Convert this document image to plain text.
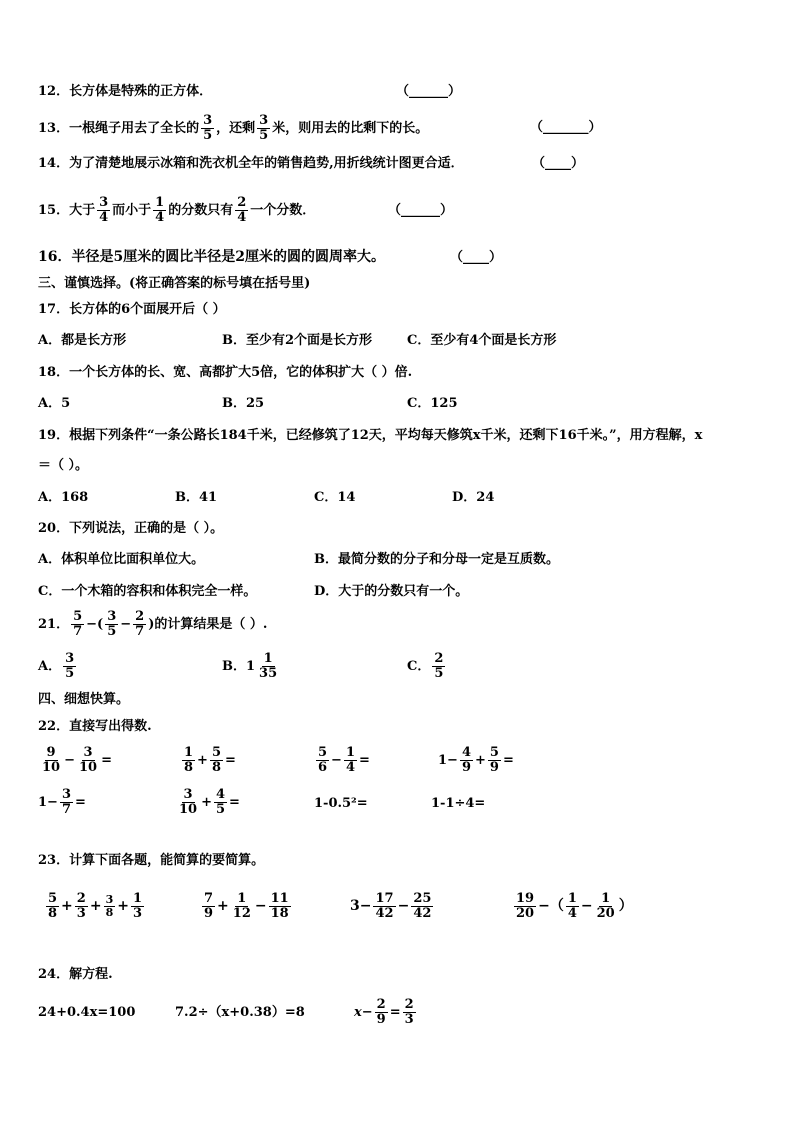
12．长方体是特殊的正方体．	（______）
13．一根绳子用去了全长的 $\frac{3}{5}$ ，还剩 $\frac{3}{5}$ 米，则用去的比剩下的长。	（_______）
14．为了清楚地展示冰箱和洗衣机全年的销售趋势,用折线统计图更合适．	（____）
15．大于 $\frac{3}{4}$ 而小于 $\frac{1}{4}$ 的分数只有 $\frac{2}{4}$ 一个分数．	（______）
16．半径是5厘米的圆比半径是2厘米的圆的圆周率大。	（____）
三、谨慎选择。(将正确答案的标号填在括号里)
17．长方体的6个面展开后（ ）
A．都是长方形	B．至少有2个面是长方形	C．至少有4个面是长方形
18．一个长方体的长、宽、高都扩大5倍，它的体积扩大（ ）倍.
A．5	B．25	C．125
19．根据下列条件“一条公路长184千米，已经修筑了12天，平均每天修筑x千米，还剩下16千米。”，用方程解，x
＝（ ）。
A．168	B．41	C．14	D．24
20．下列说法，正确的是（ ）。
A．体积单位比面积单位大。	B．最简分数的分子和分母一定是互质数。
C．一个木箱的容积和体积完全一样。	D．大于的分数只有一个。
21． $\frac{5}{7}$ −( $\frac{3}{5} - \frac{2}{7}$ )的计算结果是（ ）.
A． $\frac{3}{5}$	B．$1 \frac{1}{35}$	C． $\frac{2}{5}$
四、细想快算。
22．直接写出得数.
$\frac{9}{10} - \frac{3}{10}$ =	$\frac{1}{8} + \frac{5}{8}$ =	$\frac{5}{6} - \frac{1}{4}$ =	$1- \frac{4}{9} + \frac{5}{9}$ =
$1- \frac{3}{7}$ =	$\frac{3}{10} + \frac{4}{5}$ =	1-0.5²=	1-1÷4=
23．计算下面各题，能简算的要简算。
$\frac{5}{8} + \frac{2}{3} + \frac{3}{8} + \frac{1}{3}$	$\frac{7}{9} + \frac{1}{12} - \frac{11}{18}$	$3- \frac{17}{42} - \frac{25}{42}$	$\frac{19}{20}$ −（ $\frac{1}{4} - \frac{1}{20}$ ）
24．解方程.
24+0.4x=100	7.2÷（x+0.38）=8	$x- \frac{2}{9} = \frac{2}{3}$
